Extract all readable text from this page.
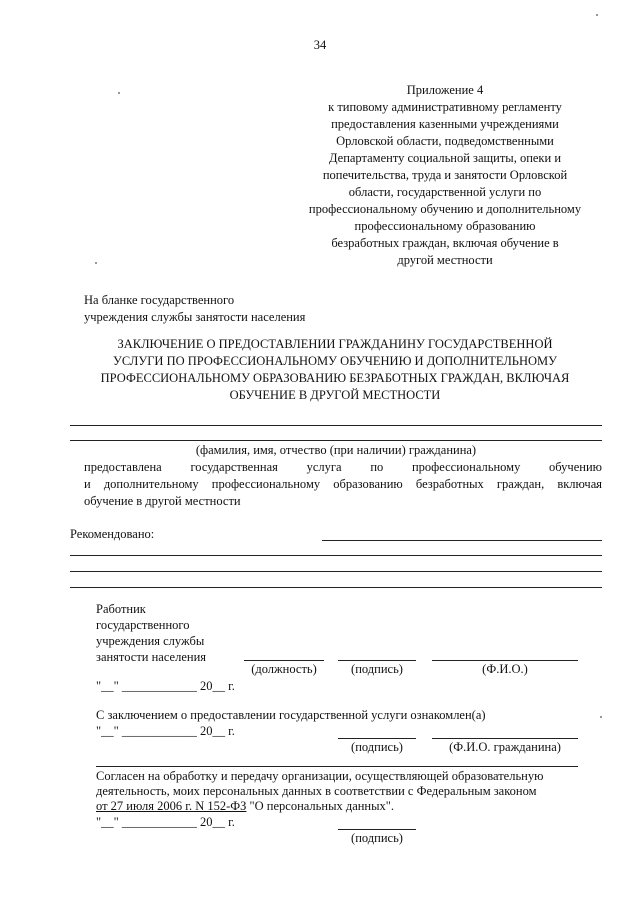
34
Приложение 4
к типовому административному регламенту
предоставления казенными учреждениями
Орловской области, подведомственными
Департаменту социальной защиты, опеки и
попечительства, труда и занятости Орловской
области, государственной услуги по
профессиональному обучению и дополнительному
профессиональному образованию
безработных граждан, включая обучение в
другой местности
На бланке государственного
учреждения службы занятости населения
ЗАКЛЮЧЕНИЕ О ПРЕДОСТАВЛЕНИИ ГРАЖДАНИНУ ГОСУДАРСТВЕННОЙ
УСЛУГИ ПО ПРОФЕССИОНАЛЬНОМУ ОБУЧЕНИЮ И ДОПОЛНИТЕЛЬНОМУ
ПРОФЕССИОНАЛЬНОМУ ОБРАЗОВАНИЮ БЕЗРАБОТНЫХ ГРАЖДАН, ВКЛЮЧАЯ
ОБУЧЕНИЕ В ДРУГОЙ МЕСТНОСТИ
(фамилия, имя, отчество (при наличии) гражданина)
предоставлена государственная услуга по профессиональному обучению
и дополнительному профессиональному образованию безработных граждан, включая
обучение в другой местности
Рекомендовано:
Работник
государственного
учреждения службы
занятости населения
(должность)	(подпись)	(Ф.И.О.)
"__" ____________ 20__ г.
С заключением о предоставлении государственной услуги ознакомлен(а)
"__" ____________ 20__ г.
(подпись)	(Ф.И.О. гражданина)
Согласен на обработку и передачу организации, осуществляющей образовательную
деятельность, моих персональных данных в соответствии с Федеральным законом
от 27 июля 2006 г. N 152-ФЗ "О персональных данных".
"__" ____________ 20__ г.
(подпись)
